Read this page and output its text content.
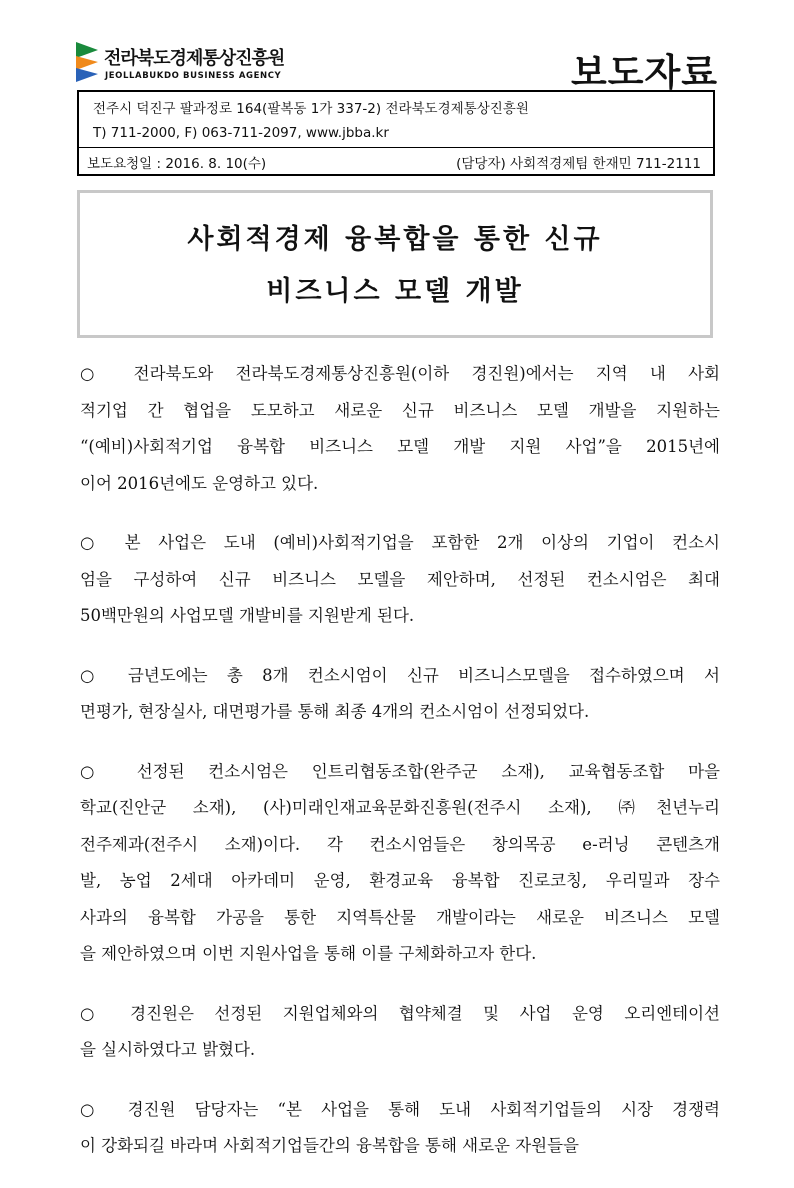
전라북도경제통상진흥원
JEOLLABUKDO BUSINESS AGENCY	보도자료
전주시 덕진구 팔과정로 164(팔복동 1가 337-2) 전라북도경제통상진흥원
T) 711-2000, F) 063-711-2097, www.jbba.kr
보도요청일 : 2016. 8. 10(수)	(담당자) 사회적경제팀 한재민 711-2111
사회적경제 융복합을 통한 신규
비즈니스 모델 개발
○ 전라북도와 전라북도경제통상진흥원(이하 경진원)에서는 지역 내 사회
적기업 간 협업을 도모하고 새로운 신규 비즈니스 모델 개발을 지원하는
“(예비)사회적기업 융복합 비즈니스 모델 개발 지원 사업”을 2015년에
이어 2016년에도 운영하고 있다.
○ 본 사업은 도내 (예비)사회적기업을 포함한 2개 이상의 기업이 컨소시
엄을 구성하여 신규 비즈니스 모델을 제안하며, 선정된 컨소시엄은 최대
50백만원의 사업모델 개발비를 지원받게 된다.
○ 금년도에는 총 8개 컨소시엄이 신규 비즈니스모델을 접수하였으며 서
면평가, 현장실사, 대면평가를 통해 최종 4개의 컨소시엄이 선정되었다.
○ 선정된 컨소시엄은 인트리협동조합(완주군 소재), 교육협동조합 마을
학교(진안군 소재), (사)미래인재교육문화진흥원(전주시 소재), ㈜천년누리
전주제과(전주시 소재)이다. 각 컨소시엄들은 창의목공 e-러닝 콘텐츠개
발, 농업 2세대 아카데미 운영, 환경교육 융복합 진로코칭, 우리밀과 장수
사과의 융복합 가공을 통한 지역특산물 개발이라는 새로운 비즈니스 모델
을 제안하였으며 이번 지원사업을 통해 이를 구체화하고자 한다.
○ 경진원은 선정된 지원업체와의 협약체결 및 사업 운영 오리엔테이션
을 실시하였다고 밝혔다.
○ 경진원 담당자는 “본 사업을 통해 도내 사회적기업들의 시장 경쟁력
이 강화되길 바라며 사회적기업들간의 융복합을 통해 새로운 자원들을
